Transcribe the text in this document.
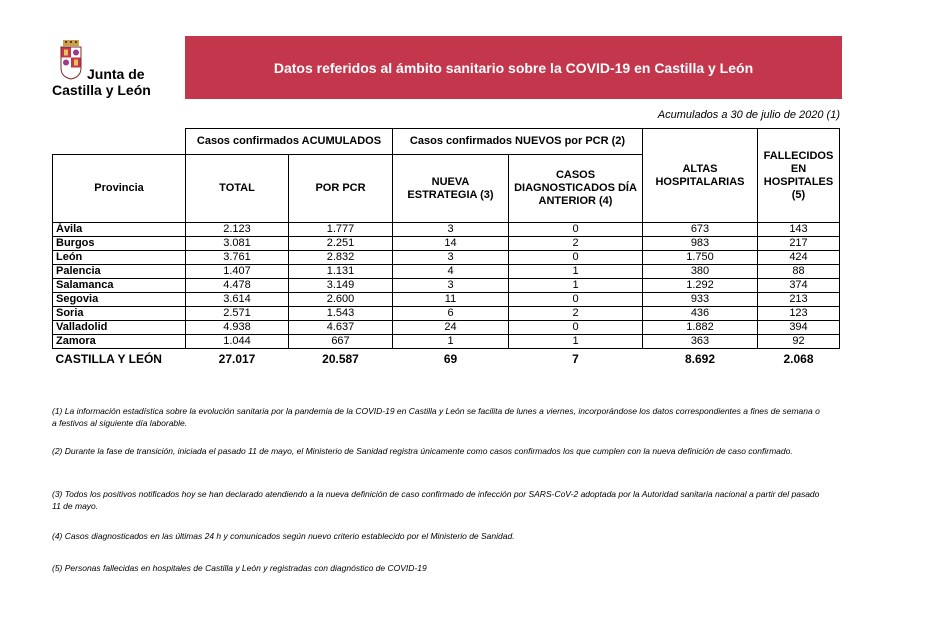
Junta de
Castilla y León
Datos referidos al ámbito sanitario sobre la COVID-19 en Castilla y León
Acumulados a 30 de julio de 2020 (1)
	Casos confirmados ACUMULADOS		Casos confirmados NUEVOS por PCR (2)		ALTAS HOSPITALARIAS	FALLECIDOS EN HOSPITALES (5)
Provincia	TOTAL	POR PCR	NUEVA ESTRATEGIA (3)	CASOS DIAGNOSTICADOS DÍA ANTERIOR (4)		
Ávila	2.123	1.777	3	0	673	143
Burgos	3.081	2.251	14	2	983	217
León	3.761	2.832	3	0	1.750	424
Palencia	1.407	1.131	4	1	380	88
Salamanca	4.478	3.149	3	1	1.292	374
Segovia	3.614	2.600	11	0	933	213
Soria	2.571	1.543	6	2	436	123
Valladolid	4.938	4.637	24	0	1.882	394
Zamora	1.044	667	1	1	363	92
CASTILLA Y LEÓN	27.017	20.587	69	7	8.692	2.068

(1) La información estadística sobre la evolución sanitaria por la pandemia de la COVID-19 en Castilla y León se facilita de lunes a viernes, incorporándose los datos correspondientes a fines de semana o a festivos al siguiente día laborable.

(2) Durante la fase de transición, iniciada el pasado 11 de mayo, el Ministerio de Sanidad registra únicamente como casos confirmados los que cumplen con la nueva definición de caso confirmado.

(3) Todos los positivos notificados hoy se han declarado atendiendo a la nueva definición de caso confirmado de infección por SARS-CoV-2 adoptada por la Autoridad sanitaria nacional a partir del pasado 11 de mayo.

(4) Casos diagnosticados en las últimas 24 h y comunicados según nuevo criterio establecido por el Ministerio de Sanidad.

(5) Personas fallecidas en hospitales de Castilla y León y registradas con diagnóstico de COVID-19
